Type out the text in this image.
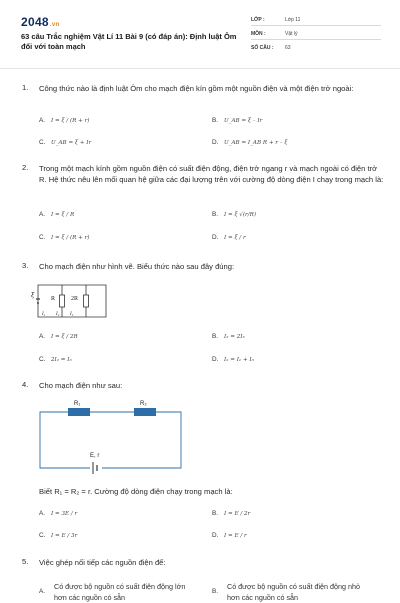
2048.vn
63 câu Trắc nghiệm Vật Lí 11 Bài 9 (có đáp án): Định luật Ôm đối với toàn mạch
LỚP :	Lớp 11
MÔN :	Vật lý
SỐ CÂU : 63
1.	Công thức nào là định luật Ôm cho mạch điện kín gồm một nguồn điện và một điện trở ngoài:
A. I = ξ / (R + r)	B. U_AB = ξ – Ir
C. U_AB = ξ + Ir	D. U_AB = I_AB R + r – ξ
2.	Trong một mạch kính gồm nguồn điện có suất điện động, điện trở ngang r và mạch ngoài có điện trở R. Hệ thức nêu lên mối quan hệ giữa các đại lượng trên với cường độ dòng điện I chạy trong mạch là:
A. I = ξ / R	B. I = ξ √(r/R)
C. I = ξ / (R + r)	D. I = ξ / r
3.	Cho mạch điện như hình vẽ. Biểu thức nào sau đây đúng:
ξ	R	2R
I₁ I₂ I₃
A. I = ξ / 2R	B. I₂ = 2I₃
C. 2I₂ = I₃	D. I₂ = I₁ + I₃
4.	Cho mạch điện như sau:
R₁	R₂
E, r
Biết R₁ = R₂ = r. Cường độ dòng điện chạy trong mạch là:
A. I = 3E / r	B. I = E / 2r
C. I = E / 3r	D. I = E / r
5.	Việc ghép nối tiếp các nguồn điện để:
A.
Có được bộ nguồn có suất điện động lớn hơn các nguồn có sẵn
B.
Có được bộ nguồn có suất điện động nhỏ hơn các nguồn có sẵn
